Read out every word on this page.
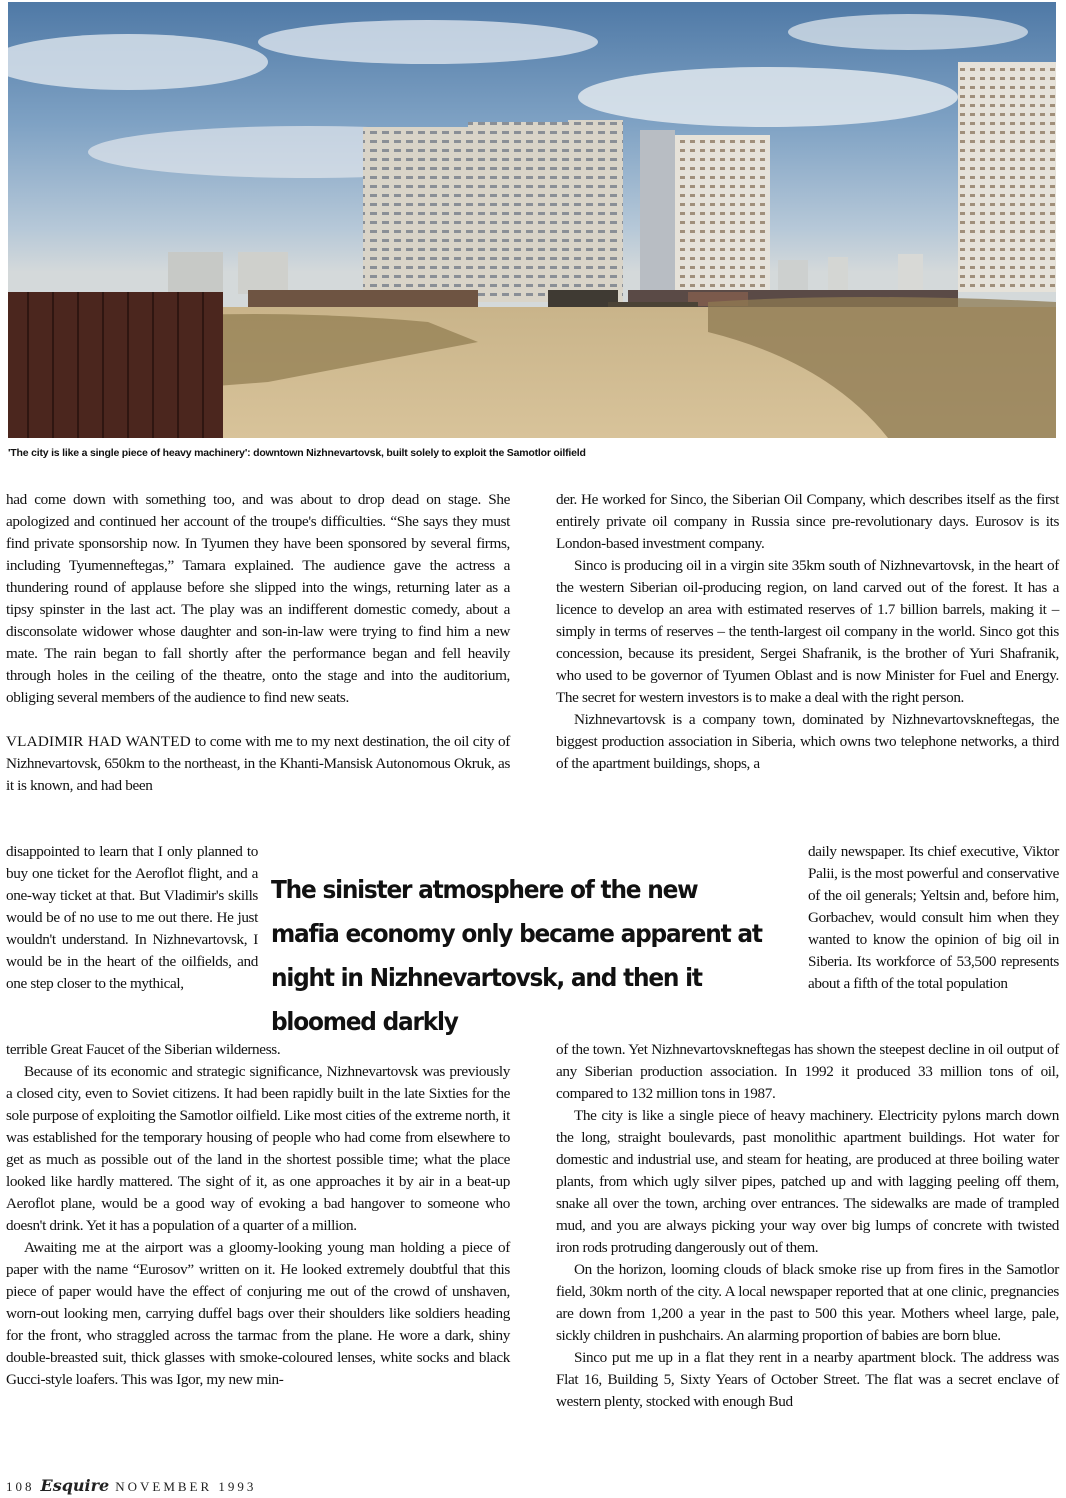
'The city is like a single piece of heavy machinery': downtown Nizhnevartovsk, built solely to exploit the Samotlor oilfield

had come down with something too, and was about to drop dead on stage. She apologized and continued her account of the troupe's difficulties. “She says they must find private sponsorship now. In Tyumen they have been sponsored by several firms, including Tyumenneftegas,” Tamara explained. The audience gave the actress a thundering round of applause before she slipped into the wings, returning later as a tipsy spinster in the last act. The play was an indifferent domestic comedy, about a disconsolate widower whose daughter and son-in-law were trying to find him a new mate. The rain began to fall shortly after the performance began and fell heavily through holes in the ceiling of the theatre, onto the stage and into the auditorium, obliging several members of the audience to find new seats.

VLADIMIR HAD WANTED to come with me to my next destination, the oil city of Nizhnevartovsk, 650km to the northeast, in the Khanti-Mansisk Autonomous Okruk, as it is known, and had been

disappointed to learn that I only planned to buy one ticket for the Aeroflot flight, and a one-way ticket at that. But Vladimir's skills would be of no use to me out there. He just wouldn't understand. In Nizhnevartovsk, I would be in the heart of the oilfields, and one step closer to the mythical,

The sinister atmosphere of the new mafia economy only became apparent at night in Nizhnevartovsk, and then it bloomed darkly

terrible Great Faucet of the Siberian wilderness.

Because of its economic and strategic significance, Nizhnevartovsk was previously a closed city, even to Soviet citizens. It had been rapidly built in the late Sixties for the sole purpose of exploiting the Samotlor oilfield. Like most cities of the extreme north, it was established for the temporary housing of people who had come from elsewhere to get as much as possible out of the land in the shortest possible time; what the place looked like hardly mattered. The sight of it, as one approaches it by air in a beat-up Aeroflot plane, would be a good way of evoking a bad hangover to someone who doesn't drink. Yet it has a population of a quarter of a million.

Awaiting me at the airport was a gloomy-looking young man holding a piece of paper with the name “Eurosov” written on it. He looked extremely doubtful that this piece of paper would have the effect of conjuring me out of the crowd of unshaven, worn-out looking men, carrying duffel bags over their shoulders like soldiers heading for the front, who straggled across the tarmac from the plane. He wore a dark, shiny double-breasted suit, thick glasses with smoke-coloured lenses, white socks and black Gucci-style loafers. This was Igor, my new min-

der. He worked for Sinco, the Siberian Oil Company, which describes itself as the first entirely private oil company in Russia since pre-revolutionary days. Eurosov is its London-based investment company.

Sinco is producing oil in a virgin site 35km south of Nizhnevartovsk, in the heart of the western Siberian oil-producing region, on land carved out of the forest. It has a licence to develop an area with estimated reserves of 1.7 billion barrels, making it – simply in terms of reserves – the tenth-largest oil company in the world. Sinco got this concession, because its president, Sergei Shafranik, is the brother of Yuri Shafranik, who used to be governor of Tyumen Oblast and is now Minister for Fuel and Energy. The secret for western investors is to make a deal with the right person.

Nizhnevartovsk is a company town, dominated by Nizhnevartovskneftegas, the biggest production association in Siberia, which owns two telephone networks, a third of the apartment buildings, shops, a

daily newspaper. Its chief executive, Viktor Palii, is the most powerful and conservative of the oil generals; Yeltsin and, before him, Gorbachev, would consult him when they wanted to know the opinion of big oil in Siberia. Its workforce of 53,500 represents about a fifth of the total population

of the town. Yet Nizhnevartovskneftegas has shown the steepest decline in oil output of any Siberian production association. In 1992 it produced 33 million tons of oil, compared to 132 million tons in 1987.

The city is like a single piece of heavy machinery. Electricity pylons march down the long, straight boulevards, past monolithic apartment buildings. Hot water for domestic and industrial use, and steam for heating, are produced at three boiling water plants, from which ugly silver pipes, patched up and with lagging peeling off them, snake all over the town, arching over entrances. The sidewalks are made of trampled mud, and you are always picking your way over big lumps of concrete with twisted iron rods protruding dangerously out of them.

On the horizon, looming clouds of black smoke rise up from fires in the Samotlor field, 30km north of the city. A local newspaper reported that at one clinic, pregnancies are down from 1,200 a year in the past to 500 this year. Mothers wheel large, pale, sickly children in pushchairs. An alarming proportion of babies are born blue.

Sinco put me up in a flat they rent in a nearby apartment block. The address was Flat 16, Building 5, Sixty Years of October Street. The flat was a secret enclave of western plenty, stocked with enough Bud

108 Esquire NOVEMBER 1993
